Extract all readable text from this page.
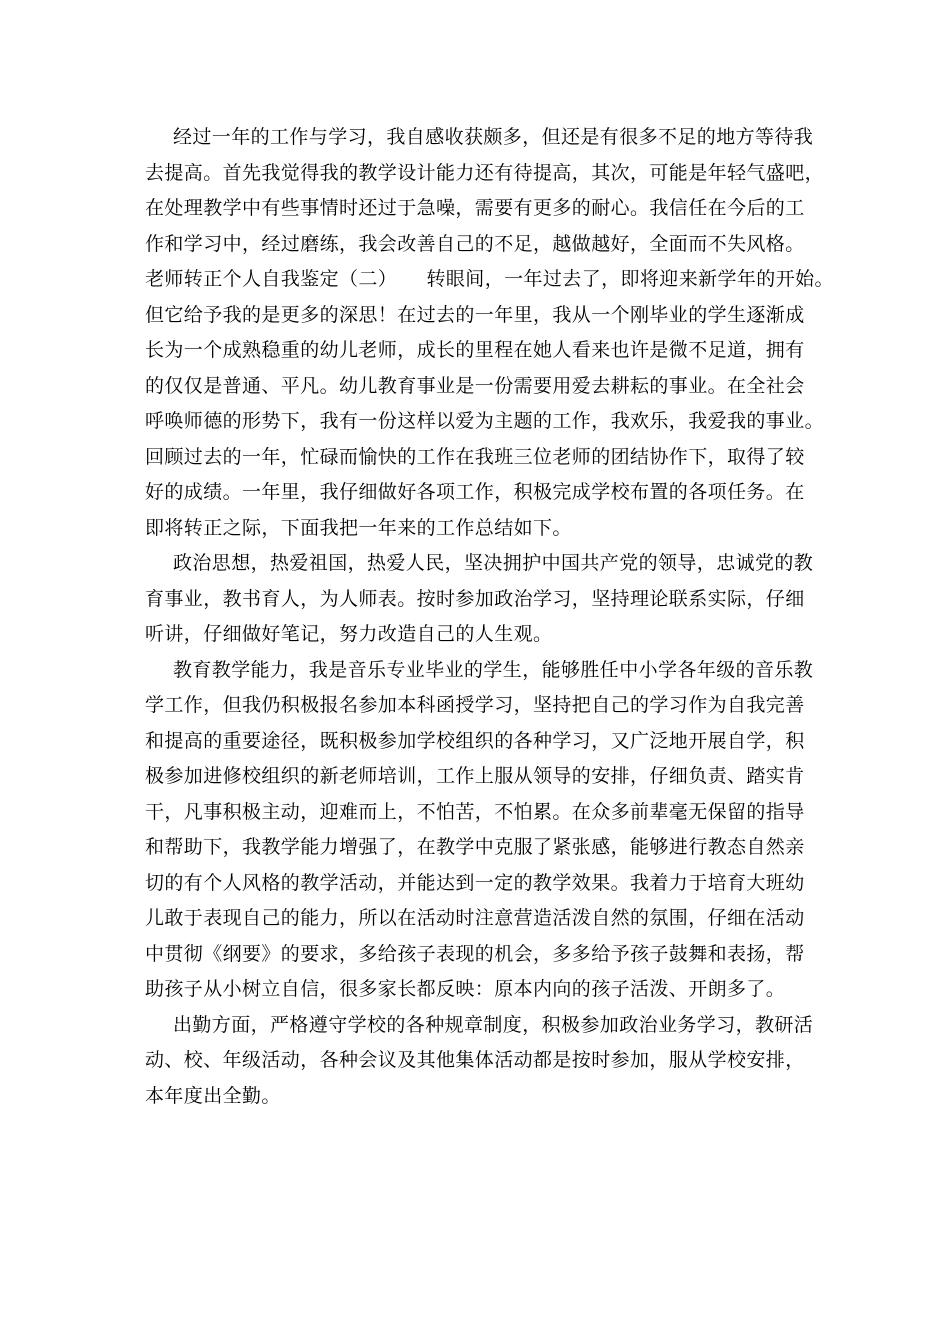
经过一年的工作与学习，我自感收获颇多，但还是有很多不足的地方等待我
去提高。首先我觉得我的教学设计能力还有待提高，其次，可能是年轻气盛吧，
在处理教学中有些事情时还过于急噪，需要有更多的耐心。我信任在今后的工
作和学习中，经过磨练，我会改善自己的不足，越做越好，全面而不失风格。
老师转正个人自我鉴定（二）　　转眼间，一年过去了，即将迎来新学年的开始。
但它给予我的是更多的深思！在过去的一年里，我从一个刚毕业的学生逐渐成
长为一个成熟稳重的幼儿老师，成长的里程在她人看来也许是微不足道，拥有
的仅仅是普通、平凡。幼儿教育事业是一份需要用爱去耕耘的事业。在全社会
呼唤师德的形势下，我有一份这样以爱为主题的工作，我欢乐，我爱我的事业。
回顾过去的一年，忙碌而愉快的工作在我班三位老师的团结协作下，取得了较
好的成绩。一年里，我仔细做好各项工作，积极完成学校布置的各项任务。在
即将转正之际，下面我把一年来的工作总结如下。
政治思想，热爱祖国，热爱人民，坚决拥护中国共产党的领导，忠诚党的教
育事业，教书育人，为人师表。按时参加政治学习，坚持理论联系实际，仔细
听讲，仔细做好笔记，努力改造自己的人生观。
教育教学能力，我是音乐专业毕业的学生，能够胜任中小学各年级的音乐教
学工作，但我仍积极报名参加本科函授学习，坚持把自己的学习作为自我完善
和提高的重要途径，既积极参加学校组织的各种学习，又广泛地开展自学，积
极参加进修校组织的新老师培训，工作上服从领导的安排，仔细负责、踏实肯
干，凡事积极主动，迎难而上，不怕苦，不怕累。在众多前辈毫无保留的指导
和帮助下，我教学能力增强了，在教学中克服了紧张感，能够进行教态自然亲
切的有个人风格的教学活动，并能达到一定的教学效果。我着力于培育大班幼
儿敢于表现自己的能力，所以在活动时注意营造活泼自然的氛围，仔细在活动
中贯彻《纲要》的要求，多给孩子表现的机会，多多给予孩子鼓舞和表扬，帮
助孩子从小树立自信，很多家长都反映：原本内向的孩子活泼、开朗多了。
出勤方面，严格遵守学校的各种规章制度，积极参加政治业务学习，教研活
动、校、年级活动，各种会议及其他集体活动都是按时参加，服从学校安排，
本年度出全勤。
